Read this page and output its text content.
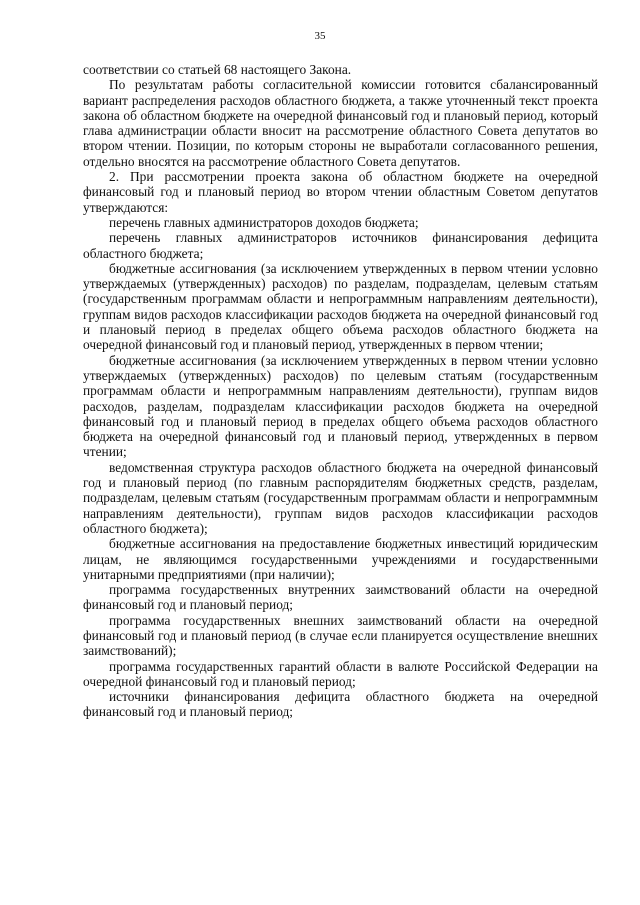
35

соответствии со статьей 68 настоящего Закона.

По результатам работы согласительной комиссии готовится сбалансированный вариант распределения расходов областного бюджета, а также уточненный текст проекта закона об областном бюджете на очередной финансовый год и плановый период, который глава администрации области вносит на рассмотрение областного Совета депутатов во втором чтении. Позиции, по которым стороны не выработали согласованного решения, отдельно вносятся на рассмотрение областного Совета депутатов.

2. При рассмотрении проекта закона об областном бюджете на очередной финансовый год и плановый период во втором чтении областным Советом депутатов утверждаются:

перечень главных администраторов доходов бюджета;

перечень главных администраторов источников финансирования дефицита областного бюджета;

бюджетные ассигнования (за исключением утвержденных в первом чтении условно утверждаемых (утвержденных) расходов) по разделам, подразделам, целевым статьям (государственным программам области и непрограммным направлениям деятельности), группам видов расходов классификации расходов бюджета на очередной финансовый год и плановый период в пределах общего объема расходов областного бюджета на очередной финансовый год и плановый период, утвержденных в первом чтении;

бюджетные ассигнования (за исключением утвержденных в первом чтении условно утверждаемых (утвержденных) расходов) по целевым статьям (государственным программам области и непрограммным направлениям деятельности), группам видов расходов, разделам, подразделам классификации расходов бюджета на очередной финансовый год и плановый период в пределах общего объема расходов областного бюджета на очередной финансовый год и плановый период, утвержденных в первом чтении;

ведомственная структура расходов областного бюджета на очередной финансовый год и плановый период (по главным распорядителям бюджетных средств, разделам, подразделам, целевым статьям (государственным программам области и непрограммным направлениям деятельности), группам видов расходов классификации расходов областного бюджета);

бюджетные ассигнования на предоставление бюджетных инвестиций юридическим лицам, не являющимся государственными учреждениями и государственными унитарными предприятиями (при наличии);

программа государственных внутренних заимствований области на очередной финансовый год и плановый период;

программа государственных внешних заимствований области на очередной финансовый год и плановый период (в случае если планируется осуществление внешних заимствований);

программа государственных гарантий области в валюте Российской Федерации на очередной финансовый год и плановый период;

источники финансирования дефицита областного бюджета на очередной финансовый год и плановый период;
